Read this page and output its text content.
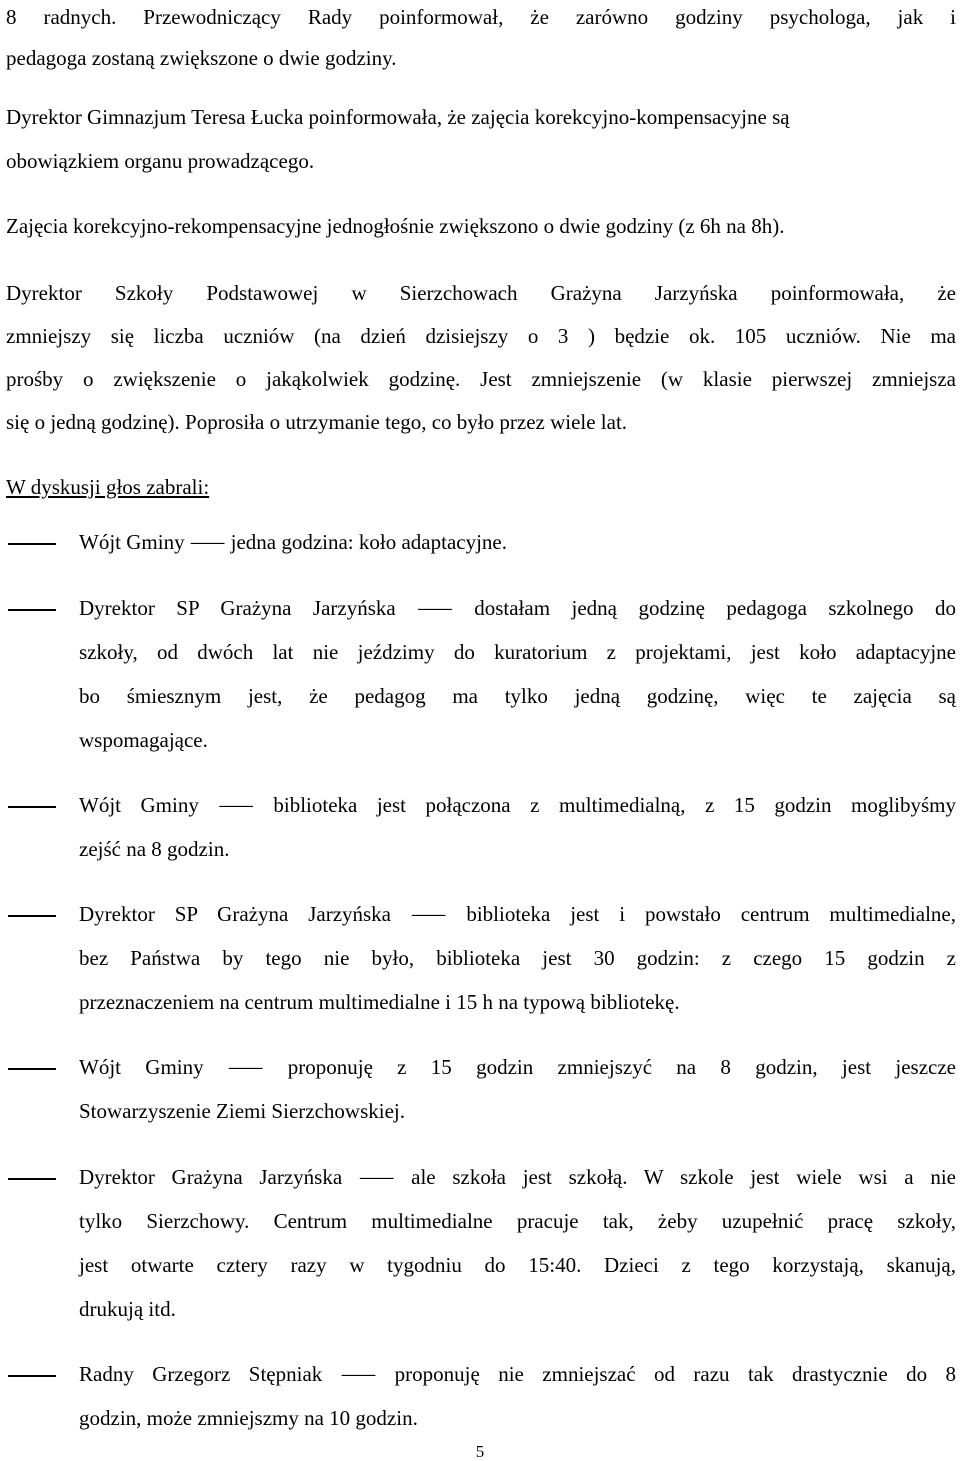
8 radnych. Przewodniczący Rady poinformował, że zarówno godziny psychologa, jak i
pedagoga zostaną zwiększone o dwie godziny.
Dyrektor Gimnazjum Teresa Łucka poinformowała, że zajęcia korekcyjno-kompensacyjne są
obowiązkiem organu prowadzącego.
Zajęcia korekcyjno-rekompensacyjne jednogłośnie zwiększono o dwie godziny (z 6h na 8h).
Dyrektor Szkoły Podstawowej w Sierzchowach Grażyna Jarzyńska poinformowała, że
zmniejszy się liczba uczniów (na dzień dzisiejszy o 3 ) będzie ok. 105 uczniów. Nie ma
prośby o zwiększenie o jakąkolwiek godzinę. Jest zmniejszenie (w klasie pierwszej zmniejsza
się o jedną godzinę). Poprosiła o utrzymanie tego, co było przez wiele lat.
W dyskusji głos zabrali:
Wójt Gminy ⸺ jedna godzina: koło adaptacyjne.
Dyrektor SP Grażyna Jarzyńska ⸺ dostałam jedną godzinę pedagoga szkolnego do
szkoły, od dwóch lat nie jeździmy do kuratorium z projektami, jest koło adaptacyjne
bo śmiesznym jest, że pedagog ma tylko jedną godzinę, więc te zajęcia są
wspomagające.
Wójt Gminy ⸺ biblioteka jest połączona z multimedialną, z 15 godzin moglibyśmy
zejść na 8 godzin.
Dyrektor SP Grażyna Jarzyńska ⸺ biblioteka jest i powstało centrum multimedialne,
bez Państwa by tego nie było, biblioteka jest 30 godzin: z czego 15 godzin z
przeznaczeniem na centrum multimedialne i 15 h na typową bibliotekę.
Wójt Gminy ⸺ proponuję z 15 godzin zmniejszyć na 8 godzin, jest jeszcze
Stowarzyszenie Ziemi Sierzchowskiej.
Dyrektor Grażyna Jarzyńska ⸺ ale szkoła jest szkołą. W szkole jest wiele wsi a nie
tylko Sierzchowy. Centrum multimedialne pracuje tak, żeby uzupełnić pracę szkoły,
jest otwarte cztery razy w tygodniu do 15:40. Dzieci z tego korzystają, skanują,
drukują itd.
Radny Grzegorz Stępniak ⸺ proponuję nie zmniejszać od razu tak drastycznie do 8
godzin, może zmniejszmy na 10 godzin.
5
